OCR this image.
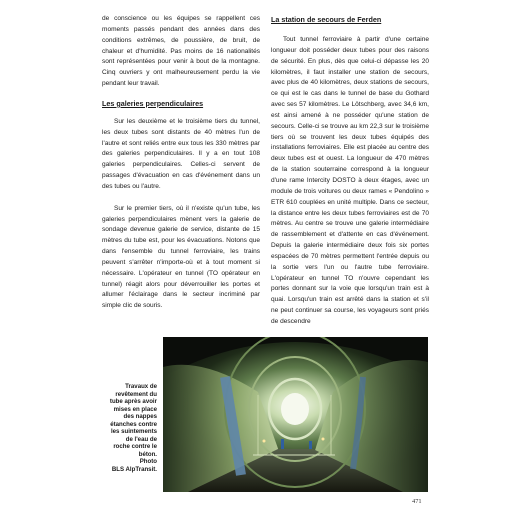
de conscience ou les équipes se rappellent ces moments passés pendant des années dans des conditions extrêmes, de poussière, de bruit, de chaleur et d'humidité. Pas moins de 16 nationalités sont représentées pour venir à bout de la montagne. Cinq ouvriers y ont malheureusement perdu la vie pendant leur travail.

Les galeries perpendiculaires

Sur les deuxième et le troisième tiers du tunnel, les deux tubes sont distants de 40 mètres l'un de l'autre et sont reliés entre eux tous les 330 mètres par des galeries perpendiculaires. Il y a en tout 108 galeries perpendiculaires. Celles-ci servent de passages d'évacuation en cas d'événement dans un des tubes ou l'autre.

Sur le premier tiers, où il n'existe qu'un tube, les galeries perpendiculaires mènent vers la galerie de sondage devenue galerie de service, distante de 15 mètres du tube est, pour les évacuations. Notons que dans l'ensemble du tunnel ferroviaire, les trains peuvent s'arrêter n'importe-où et à tout moment si nécessaire. L'opérateur en tunnel (TO opérateur en tunnel) réagit alors pour déverrouiller les portes et allumer l'éclairage dans le secteur incriminé par simple clic de souris.

La station de secours de Ferden

Tout tunnel ferroviaire à partir d'une certaine longueur doit posséder deux tubes pour des raisons de sécurité. En plus, dès que celui-ci dépasse les 20 kilomètres, il faut installer une station de secours, avec plus de 40 kilomètres, deux stations de secours, ce qui est le cas dans le tunnel de base du Gothard avec ses 57 kilomètres. Le Lötschberg, avec 34,6 km, est ainsi amené à ne posséder qu'une station de secours. Celle-ci se trouve au km 22,3 sur le troisième tiers où se trouvent les deux tubes équipés des installations ferroviaires. Elle est placée au centre des deux tubes est et ouest. La longueur de 470 mètres de la station souterraine correspond à la longueur d'une rame Intercity DOSTO à deux étages, avec un module de trois voitures ou deux rames « Pendolino » ETR 610 couplées en unité multiple. Dans ce secteur, la distance entre les deux tubes ferroviaires est de 70 mètres. Au centre se trouve une galerie intermédiaire de rassemblement et d'attente en cas d'événement. Depuis la galerie intermédiaire deux fois six portes espacées de 70 mètres permettent l'entrée depuis ou la sortie vers l'un ou l'autre tube ferroviaire. L'opérateur en tunnel TO n'ouvre cependant les portes donnant sur la voie que lorsqu'un train est à quai. Lorsqu'un train est arrêté dans la station et s'il ne peut continuer sa course, les voyageurs sont priés de descendre

Travaux de
revêtement du
tube après avoir
mises en place
des nappes
étanches contre
les suintements
de l'eau de
roche contre le
béton.
Photo
BLS AlpTransit.
471
